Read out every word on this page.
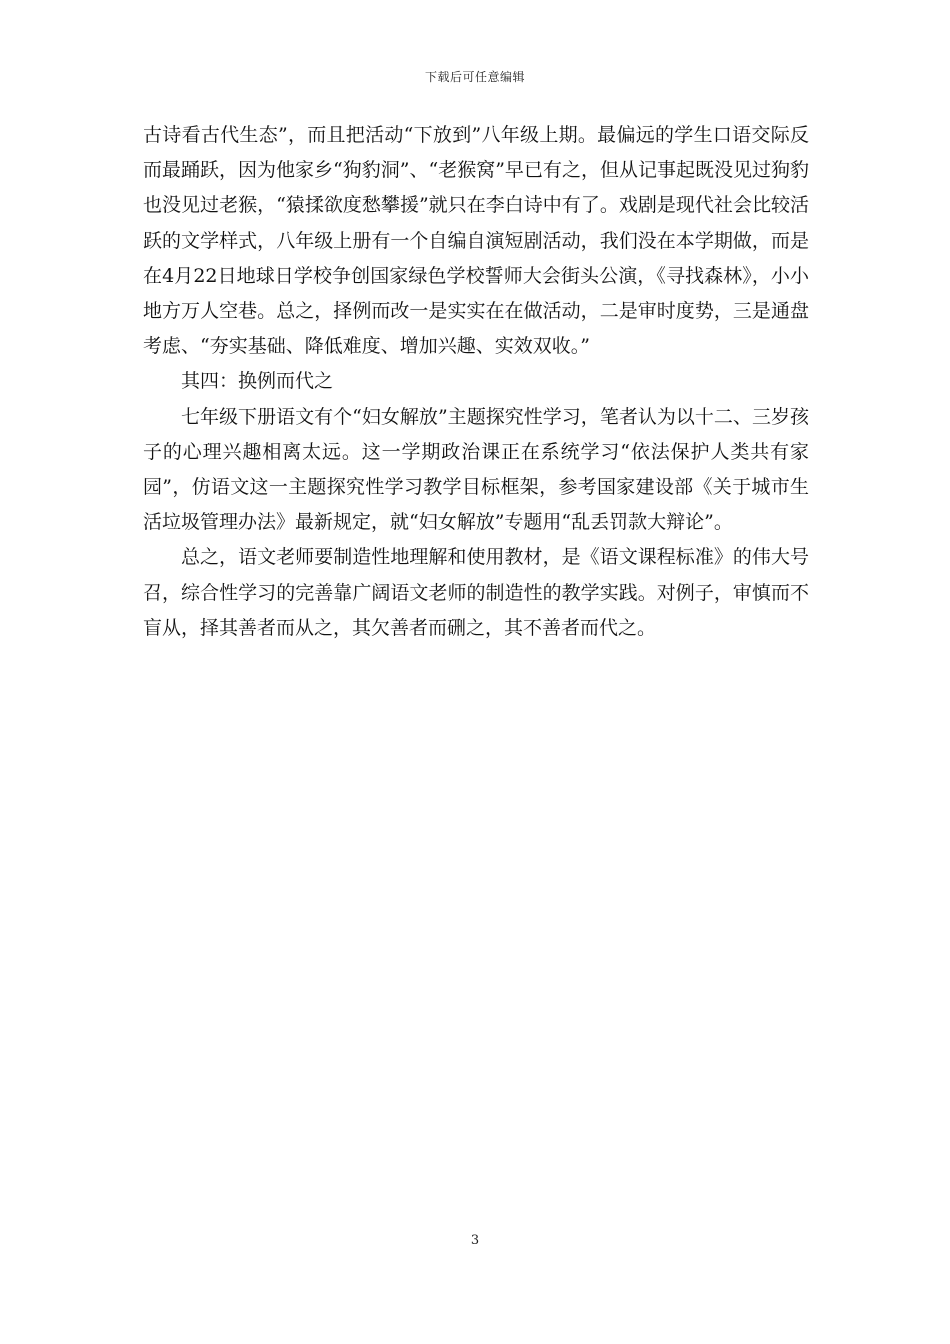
下载后可任意编辑

古诗看古代生态”，而且把活动“下放到”八年级上期。最偏远的学生口语交际反而最踊跃，因为他家乡“狗豹洞”、“老猴窝”早已有之，但从记事起既没见过狗豹也没见过老猴，“猿揉欲度愁攀援”就只在李白诗中有了。戏剧是现代社会比较活跃的文学样式，八年级上册有一个自编自演短剧活动，我们没在本学期做，而是在4月22日地球日学校争创国家绿色学校誓师大会街头公演，《寻找森林》，小小地方万人空巷。总之，择例而改一是实实在在做活动，二是审时度势，三是通盘考虑、“夯实基础、降低难度、增加兴趣、实效双收。”

其四：换例而代之

七年级下册语文有个“妇女解放”主题探究性学习，笔者认为以十二、三岁孩子的心理兴趣相离太远。这一学期政治课正在系统学习“依法保护人类共有家园”，仿语文这一主题探究性学习教学目标框架，参考国家建设部《关于城市生活垃圾管理办法》最新规定，就“妇女解放”专题用“乱丢罚款大辩论”。

总之，语文老师要制造性地理解和使用教材，是《语文课程标准》的伟大号召，综合性学习的完善靠广阔语文老师的制造性的教学实践。对例子，审慎而不盲从，择其善者而从之，其欠善者而硎之，其不善者而代之。

3
